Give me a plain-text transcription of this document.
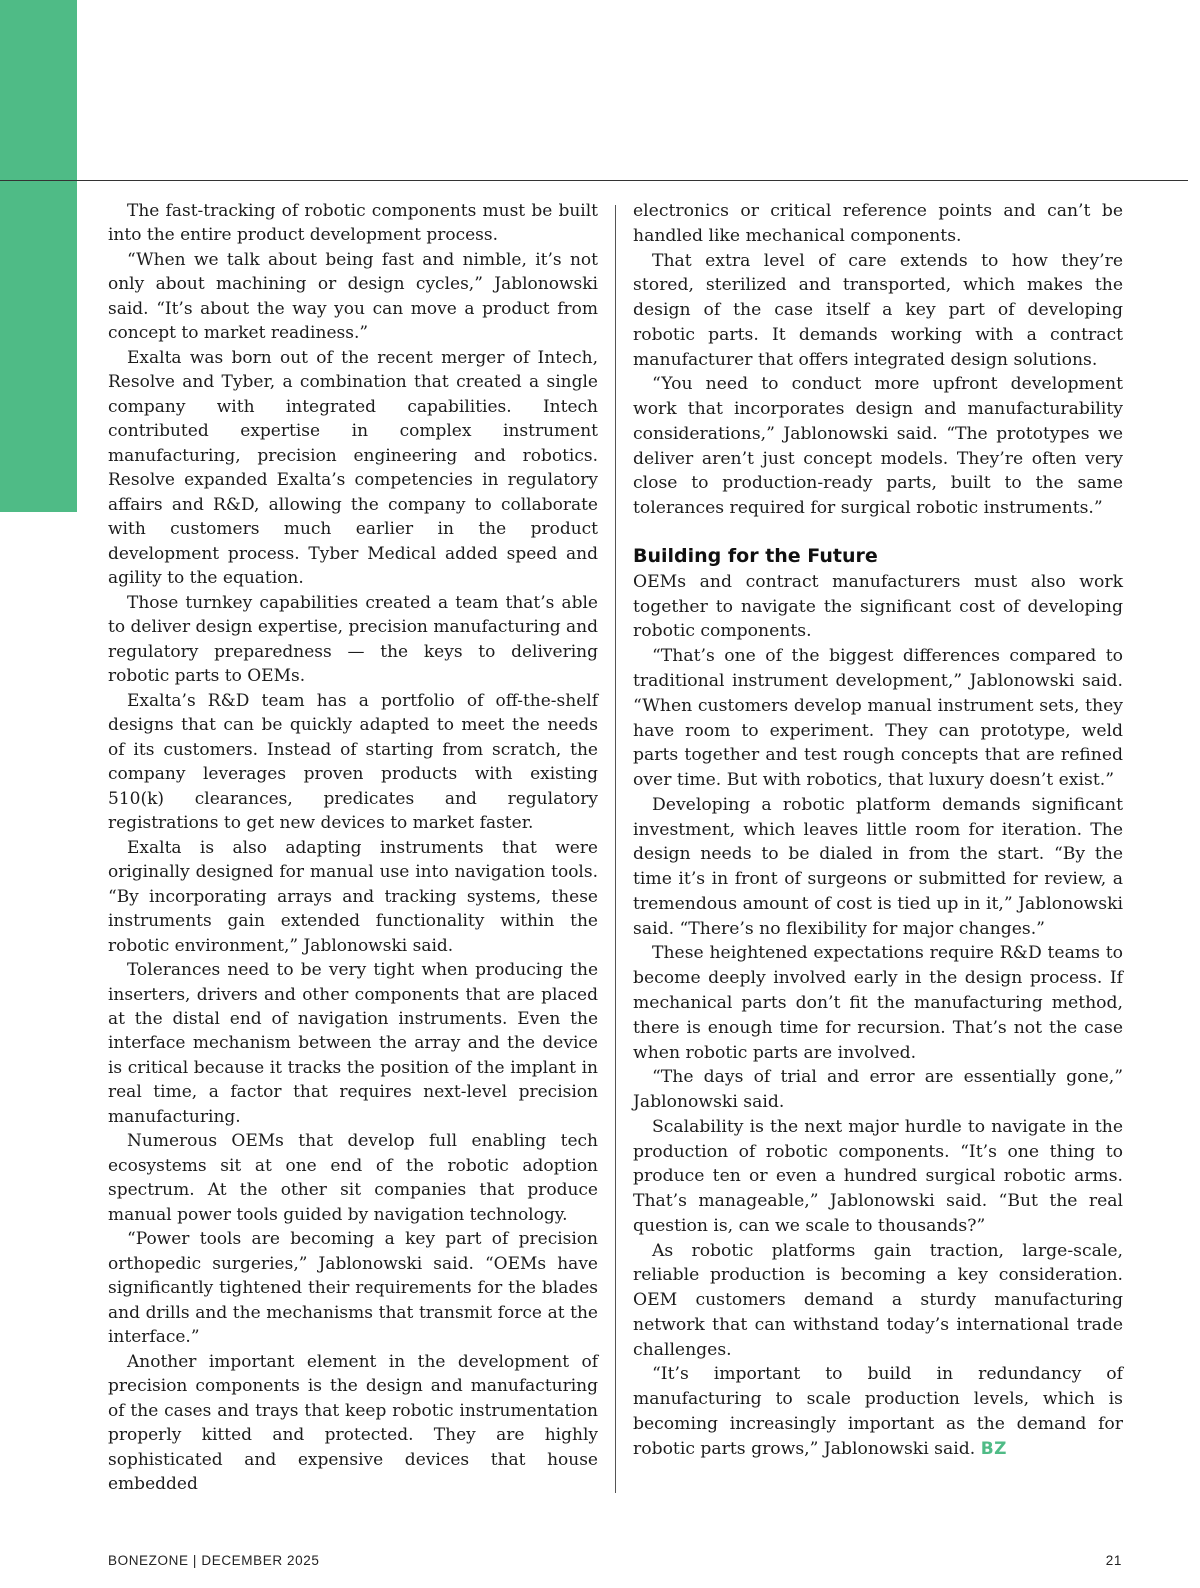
The fast-tracking of robotic components must be built into the entire product development process.

“When we talk about being fast and nimble, it’s not only about machining or design cycles,” Jablonowski said. “It’s about the way you can move a product from concept to market readiness.”

Exalta was born out of the recent merger of Intech, Resolve and Tyber, a combination that created a single company with integrated capabilities. Intech contributed expertise in complex instrument manufacturing, precision engineering and robotics. Resolve expanded Exalta’s competencies in regulatory affairs and R&D, allowing the company to collaborate with customers much earlier in the product development process. Tyber Medical added speed and agility to the equation.

Those turnkey capabilities created a team that’s able to deliver design expertise, precision manufacturing and regulatory preparedness — the keys to delivering robotic parts to OEMs.

Exalta’s R&D team has a portfolio of off-the-shelf designs that can be quickly adapted to meet the needs of its customers. Instead of starting from scratch, the company leverages proven products with existing 510(k) clearances, predicates and regulatory registrations to get new devices to market faster.

Exalta is also adapting instruments that were originally designed for manual use into navigation tools. “By incorporating arrays and tracking systems, these instruments gain extended functionality within the robotic environment,” Jablonowski said.

Tolerances need to be very tight when producing the inserters, drivers and other components that are placed at the distal end of navigation instruments. Even the interface mechanism between the array and the device is critical because it tracks the position of the implant in real time, a factor that requires next-level precision manufacturing.

Numerous OEMs that develop full enabling tech ecosystems sit at one end of the robotic adoption spectrum. At the other sit companies that produce manual power tools guided by navigation technology.

“Power tools are becoming a key part of precision orthopedic surgeries,” Jablonowski said. “OEMs have significantly tightened their requirements for the blades and drills and the mechanisms that transmit force at the interface.”

Another important element in the development of precision components is the design and manufacturing of the cases and trays that keep robotic instrumentation properly kitted and protected. They are highly sophisticated and expensive devices that house embedded

electronics or critical reference points and can’t be handled like mechanical components.

That extra level of care extends to how they’re stored, sterilized and transported, which makes the design of the case itself a key part of developing robotic parts. It demands working with a contract manufacturer that offers integrated design solutions.

“You need to conduct more upfront development work that incorporates design and manufacturability considerations,” Jablonowski said. “The prototypes we deliver aren’t just concept models. They’re often very close to production-ready parts, built to the same tolerances required for surgical robotic instruments.”

Building for the Future

OEMs and contract manufacturers must also work together to navigate the significant cost of developing robotic components.

“That’s one of the biggest differences compared to traditional instrument development,” Jablonowski said. “When customers develop manual instrument sets, they have room to experiment. They can prototype, weld parts together and test rough concepts that are refined over time. But with robotics, that luxury doesn’t exist.”

Developing a robotic platform demands significant investment, which leaves little room for iteration. The design needs to be dialed in from the start. “By the time it’s in front of surgeons or submitted for review, a tremendous amount of cost is tied up in it,” Jablonowski said. “There’s no flexibility for major changes.”

These heightened expectations require R&D teams to become deeply involved early in the design process. If mechanical parts don’t fit the manufacturing method, there is enough time for recursion. That’s not the case when robotic parts are involved.

“The days of trial and error are essentially gone,” Jablonowski said.

Scalability is the next major hurdle to navigate in the production of robotic components. “It’s one thing to produce ten or even a hundred surgical robotic arms. That’s manageable,” Jablonowski said. “But the real question is, can we scale to thousands?”

As robotic platforms gain traction, large-scale, reliable production is becoming a key consideration. OEM customers demand a sturdy manufacturing network that can withstand today’s international trade challenges.

“It’s important to build in redundancy of manufacturing to scale production levels, which is becoming increasingly important as the demand for robotic parts grows,” Jablonowski said. BZ

BONEZONE | DECEMBER 2025	21
